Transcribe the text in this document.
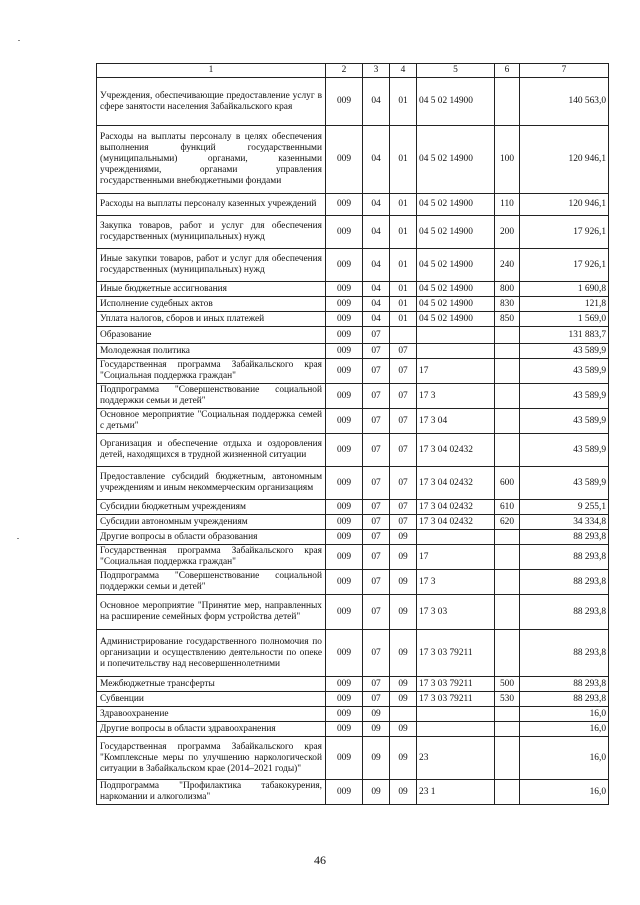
1	2	3	4	5	6	7
Учреждения, обеспечивающие предоставление услуг в сфере занятости населения Забайкальского края	009	04	01	04 5 02 14900		140 563,0
Расходы на выплаты персоналу в целях обеспечения выполнения функций государственными (муниципальными) органами, казенными учреждениями, органами управления государственными внебюджетными фондами	009	04	01	04 5 02 14900	100	120 946,1
Расходы на выплаты персоналу казенных учреждений	009	04	01	04 5 02 14900	110	120 946,1
Закупка товаров, работ и услуг для обеспечения государственных (муниципальных) нужд	009	04	01	04 5 02 14900	200	17 926,1
Иные закупки товаров, работ и услуг для обеспечения государственных (муниципальных) нужд	009	04	01	04 5 02 14900	240	17 926,1
Иные бюджетные ассигнования	009	04	01	04 5 02 14900	800	1 690,8
Исполнение судебных актов	009	04	01	04 5 02 14900	830	121,8
Уплата налогов, сборов и иных платежей	009	04	01	04 5 02 14900	850	1 569,0
Образование	009	07				131 883,7
Молодежная политика	009	07	07			43 589,9
Государственная программа Забайкальского края "Социальная поддержка граждан"	009	07	07	17		43 589,9
Подпрограмма "Совершенствование социальной поддержки семьи и детей"	009	07	07	17 3		43 589,9
Основное мероприятие "Социальная поддержка семей с детьми"	009	07	07	17 3 04		43 589,9
Организация и обеспечение отдыха и оздоровления детей, находящихся в трудной жизненной ситуации	009	07	07	17 3 04 02432		43 589,9
Предоставление субсидий бюджетным, автономным учреждениям и иным некоммерческим организациям	009	07	07	17 3 04 02432	600	43 589,9
Субсидии бюджетным учреждениям	009	07	07	17 3 04 02432	610	9 255,1
Субсидии автономным учреждениям	009	07	07	17 3 04 02432	620	34 334,8
Другие вопросы в области образования	009	07	09			88 293,8
Государственная программа Забайкальского края "Социальная поддержка граждан"	009	07	09	17		88 293,8
Подпрограмма "Совершенствование социальной поддержки семьи и детей"	009	07	09	17 3		88 293,8
Основное мероприятие "Принятие мер, направленных на расширение семейных форм устройства детей"	009	07	09	17 3 03		88 293,8
Администрирование государственного полномочия по организации и осуществлению деятельности по опеке и попечительству над несовершеннолетними	009	07	09	17 3 03 79211		88 293,8
Межбюджетные трансферты	009	07	09	17 3 03 79211	500	88 293,8
Субвенции	009	07	09	17 3 03 79211	530	88 293,8
Здравоохранение	009	09				16,0
Другие вопросы в области здравоохранения	009	09	09			16,0
Государственная программа Забайкальского края "Комплексные меры по улучшению наркологической ситуации в Забайкальском крае (2014–2021 годы)"	009	09	09	23		16,0
Подпрограмма "Профилактика табакокурения, наркомании и алкоголизма"	009	09	09	23 1		16,0
46
